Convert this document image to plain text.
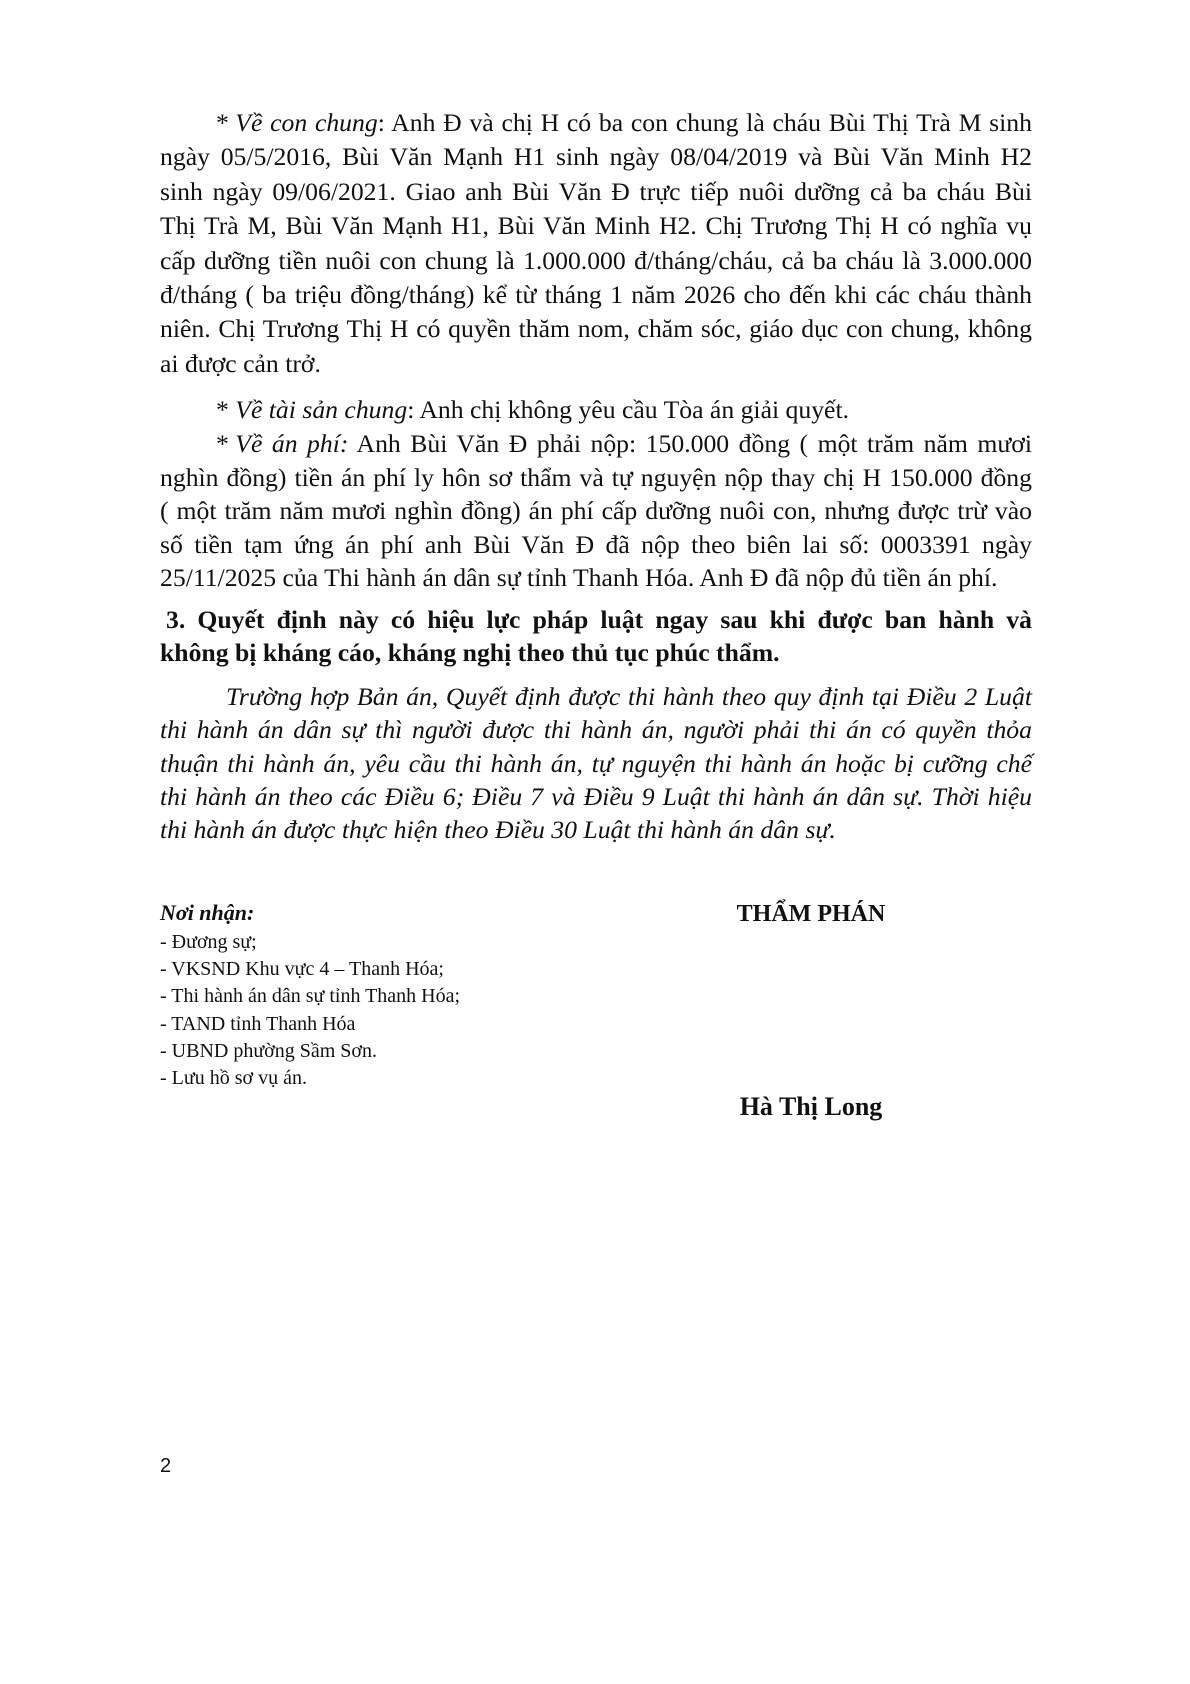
* Về con chung: Anh Đ và chị H có ba con chung là cháu Bùi Thị Trà M sinh
ngày 05/5/2016, Bùi Văn Mạnh H1 sinh ngày 08/04/2019 và Bùi Văn Minh H2
sinh ngày 09/06/2021. Giao anh Bùi Văn Đ trực tiếp nuôi dưỡng cả ba cháu Bùi
Thị Trà M, Bùi Văn Mạnh H1, Bùi Văn Minh H2. Chị Trương Thị H có nghĩa vụ
cấp dưỡng tiền nuôi con chung là 1.000.000 đ/tháng/cháu, cả ba cháu là 3.000.000
đ/tháng ( ba triệu đồng/tháng) kể từ tháng 1 năm 2026 cho đến khi các cháu thành
niên. Chị Trương Thị H có quyền thăm nom, chăm sóc, giáo dục con chung, không
ai được cản trở.
* Về tài sản chung: Anh chị không yêu cầu Tòa án giải quyết.
* Về án phí: Anh Bùi Văn Đ phải nộp: 150.000 đồng ( một trăm năm mươi
nghìn đồng) tiền án phí ly hôn sơ thẩm và tự nguyện nộp thay chị H 150.000 đồng
( một trăm năm mươi nghìn đồng) án phí cấp dưỡng nuôi con, nhưng được trừ vào
số tiền tạm ứng án phí anh Bùi Văn Đ đã nộp theo biên lai số: 0003391 ngày
25/11/2025 của Thi hành án dân sự tỉnh Thanh Hóa. Anh Đ đã nộp đủ tiền án phí.
3. Quyết định này có hiệu lực pháp luật ngay sau khi được ban hành và
không bị kháng cáo, kháng nghị theo thủ tục phúc thẩm.
Trường hợp Bản án, Quyết định được thi hành theo quy định tại Điều 2 Luật
thi hành án dân sự thì người được thi hành án, người phải thi án có quyền thỏa
thuận thi hành án, yêu cầu thi hành án, tự nguyện thi hành án hoặc bị cưỡng chế
thi hành án theo các Điều 6; Điều 7 và Điều 9 Luật thi hành án dân sự. Thời hiệu
thi hành án được thực hiện theo Điều 30 Luật thi hành án dân sự.
Nơi nhận:
- Đương sự;
- VKSND Khu vực 4 – Thanh Hóa;
- Thi hành án dân sự tỉnh Thanh Hóa;
- TAND tỉnh Thanh Hóa
- UBND phường Sầm Sơn.
- Lưu hồ sơ vụ án.
THẨM PHÁN
Hà Thị Long
2
